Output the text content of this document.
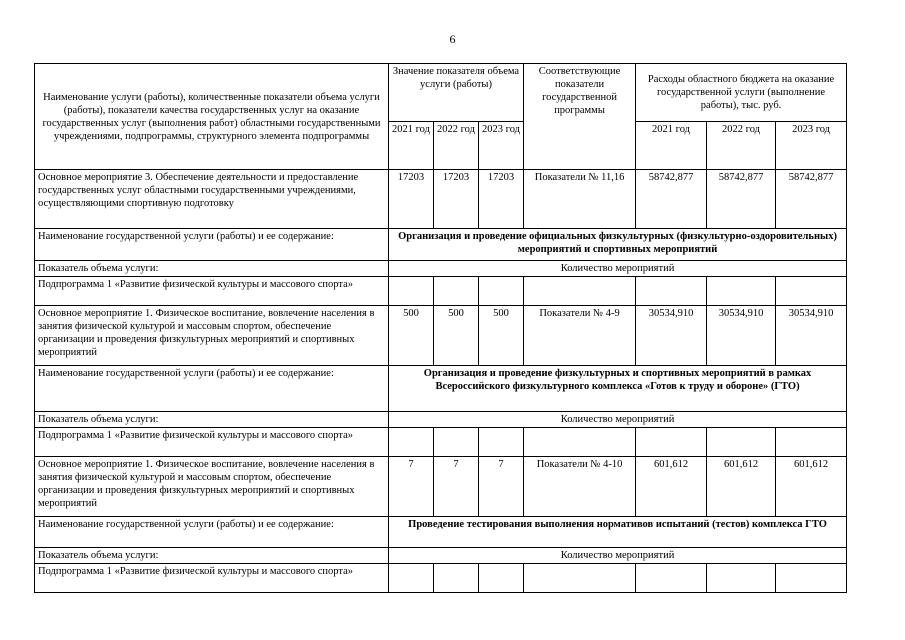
6
Наименование услуги (работы), количественные показатели объема услуги (работы), показатели качества государственных услуг на оказание государственных услуг (выполнения работ) областными государственными учреждениями, подпрограммы, структурного элемента подпрограммы	Значение показателя объема услуги (работы)			Соответствующие показатели государственной программы	Расходы областного бюджета на оказание государственной услуги (выполнение работы), тыс. руб.		
	2021 год	2022 год	2023 год		2021 год	2022 год	2023 год
Основное мероприятие 3. Обеспечение деятельности и предоставление государственных услуг областными государственными учреждениями, осуществляющими спортивную подготовку	17203	17203	17203	Показатели № 11,16	58742,877	58742,877	58742,877
Наименование государственной услуги (работы) и ее содержание:	Организация и проведение официальных физкультурных (физкультурно-оздоровительных) мероприятий и спортивных мероприятий						
Показатель объема услуги:	Количество мероприятий						
Подпрограмма 1 «Развитие физической культуры и массового спорта»							
Основное мероприятие 1. Физическое воспитание, вовлечение населения в занятия физической культурой и массовым спортом, обеспечение организации и проведения физкультурных мероприятий и спортивных мероприятий	500	500	500	Показатели № 4-9	30534,910	30534,910	30534,910
Наименование государственной услуги (работы) и ее содержание:	Организация и проведение физкультурных и спортивных мероприятий в рамках Всероссийского физкультурного комплекса «Готов к труду и обороне» (ГТО)						
Показатель объема услуги:	Количество мероприятий						
Подпрограмма 1 «Развитие физической культуры и массового спорта»							
Основное мероприятие 1. Физическое воспитание, вовлечение населения в занятия физической культурой и массовым спортом, обеспечение организации и проведения физкультурных мероприятий и спортивных мероприятий	7	7	7	Показатели № 4-10	601,612	601,612	601,612
Наименование государственной услуги (работы) и ее содержание:	Проведение тестирования выполнения нормативов испытаний (тестов) комплекса ГТО						
Показатель объема услуги:	Количество мероприятий						
Подпрограмма 1 «Развитие физической культуры и массового спорта»							
